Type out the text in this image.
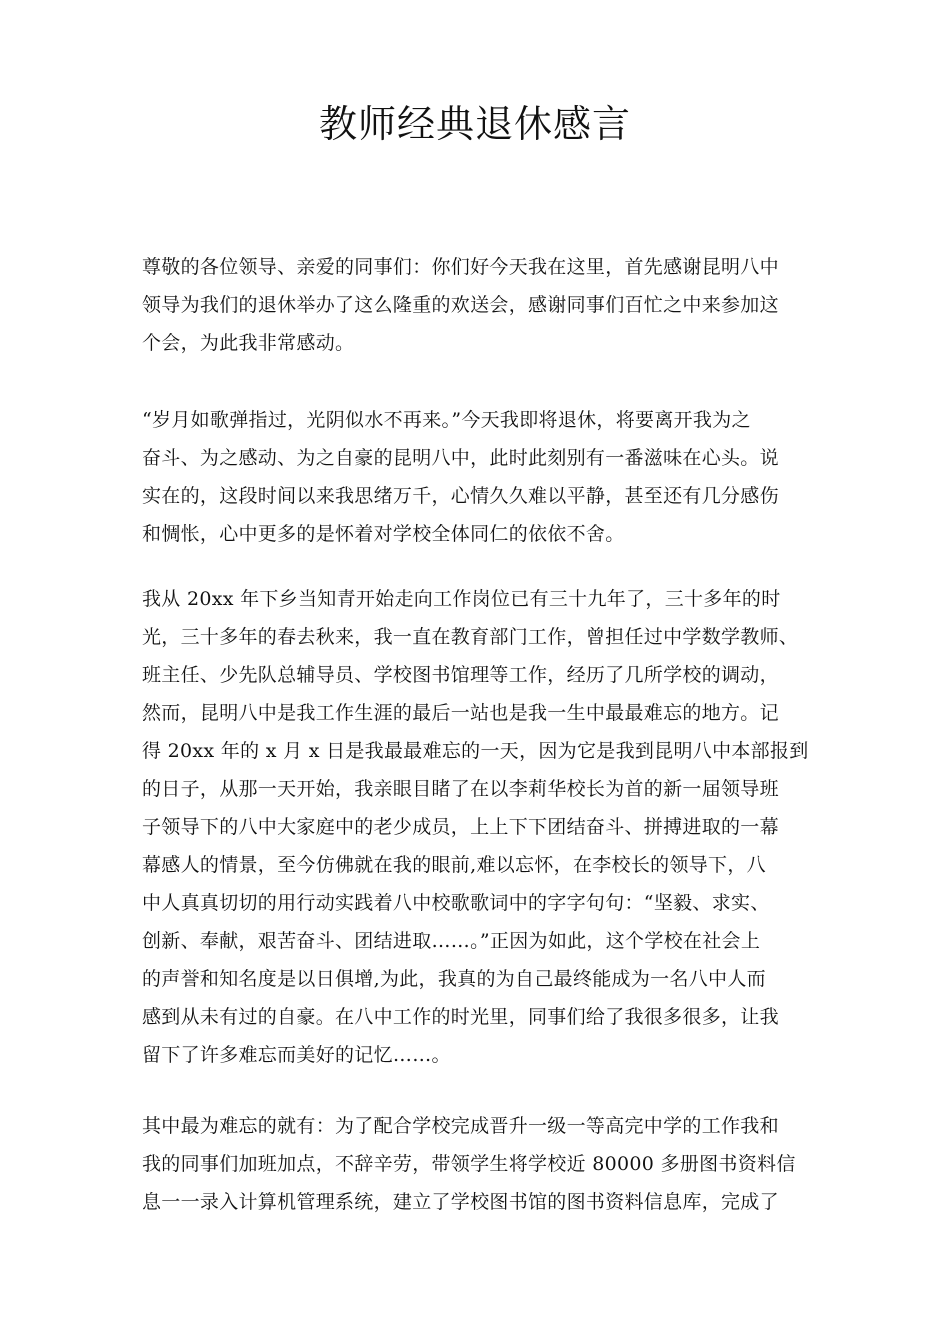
教师经典退休感言
尊敬的各位领导、亲爱的同事们：你们好今天我在这里，首先感谢昆明八中
领导为我们的退休举办了这么隆重的欢送会，感谢同事们百忙之中来参加这
个会，为此我非常感动。
“岁月如歌弹指过，光阴似水不再来。”今天我即将退休，将要离开我为之
奋斗、为之感动、为之自豪的昆明八中，此时此刻别有一番滋味在心头。说
实在的，这段时间以来我思绪万千，心情久久难以平静，甚至还有几分感伤
和惆怅，心中更多的是怀着对学校全体同仁的依依不舍。
我从 20xx 年下乡当知青开始走向工作岗位已有三十九年了，三十多年的时
光，三十多年的春去秋来，我一直在教育部门工作，曾担任过中学数学教师、
班主任、少先队总辅导员、学校图书馆理等工作，经历了几所学校的调动，
然而，昆明八中是我工作生涯的最后一站也是我一生中最最难忘的地方。记
得 20xx 年的 x 月 x 日是我最最难忘的一天，因为它是我到昆明八中本部报到
的日子，从那一天开始，我亲眼目睹了在以李莉华校长为首的新一届领导班
子领导下的八中大家庭中的老少成员，上上下下团结奋斗、拼搏进取的一幕
幕感人的情景，至今仿佛就在我的眼前,难以忘怀，在李校长的领导下，八
中人真真切切的用行动实践着八中校歌歌词中的字字句句：“坚毅、求实、
创新、奉献，艰苦奋斗、团结进取……。”正因为如此，这个学校在社会上
的声誉和知名度是以日俱增,为此，我真的为自己最终能成为一名八中人而
感到从未有过的自豪。在八中工作的时光里，同事们给了我很多很多，让我
留下了许多难忘而美好的记忆……。
其中最为难忘的就有：为了配合学校完成晋升一级一等高完中学的工作我和
我的同事们加班加点，不辞辛劳，带领学生将学校近 80000 多册图书资料信
息一一录入计算机管理系统，建立了学校图书馆的图书资料信息库，完成了
